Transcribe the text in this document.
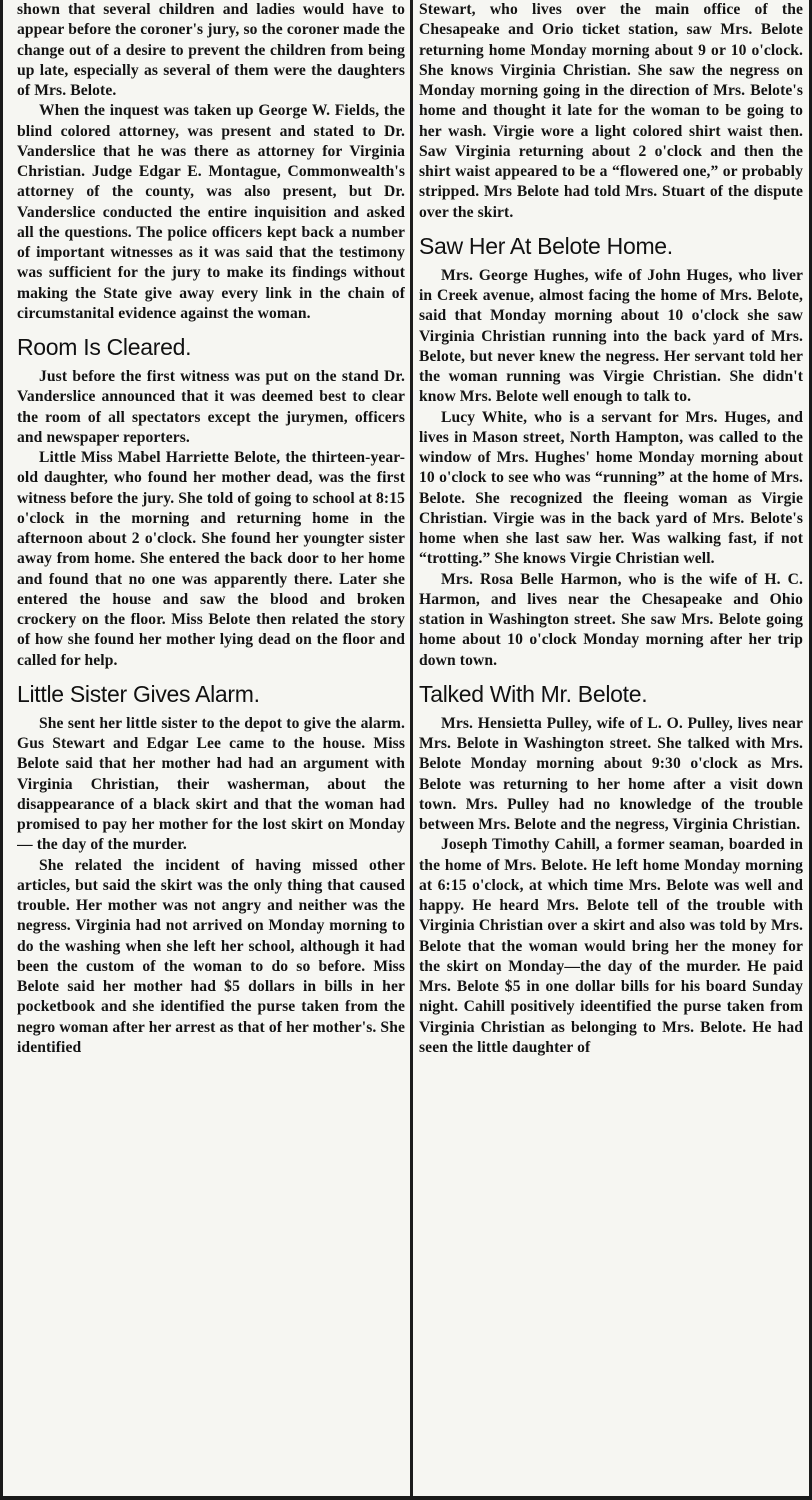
shown that several children and ladies would have to appear before the coroner's jury, so the coroner made the change out of a desire to prevent the children from being up late, especially as several of them were the daughters of Mrs. Belote.

When the inquest was taken up George W. Fields, the blind colored attorney, was present and stated to Dr. Vanderslice that he was there as attorney for Virginia Christian. Judge Edgar E. Montague, Commonwealth's attorney of the county, was also present, but Dr. Vanderslice conducted the entire inquisition and asked all the questions. The police officers kept back a number of important witnesses as it was said that the testimony was sufficient for the jury to make its findings without making the State give away every link in the chain of circumstanital evidence against the woman.

Room Is Cleared.

Just before the first witness was put on the stand Dr. Vanderslice announced that it was deemed best to clear the room of all spectators except the jurymen, officers and newspaper reporters.

Little Miss Mabel Harriette Belote, the thirteen-year-old daughter, who found her mother dead, was the first witness before the jury. She told of going to school at 8:15 o'clock in the morning and returning home in the afternoon about 2 o'clock. She found her youngter sister away from home. She entered the back door to her home and found that no one was apparently there. Later she entered the house and saw the blood and broken crockery on the floor. Miss Belote then related the story of how she found her mother lying dead on the floor and called for help.

Little Sister Gives Alarm.

She sent her little sister to the depot to give the alarm. Gus Stewart and Edgar Lee came to the house. Miss Belote said that her mother had had an argument with Virginia Christian, their washerman, about the disappearance of a black skirt and that the woman had promised to pay her mother for the lost skirt on Monday— the day of the murder.

She related the incident of having missed other articles, but said the skirt was the only thing that caused trouble. Her mother was not angry and neither was the negress. Virginia had not arrived on Monday morning to do the washing when she left her school, although it had been the custom of the woman to do so before. Miss Belote said her mother had $5 dollars in bills in her pocketbook and she identified the purse taken from the negro woman after her arrest as that of her mother's. She identified

Stewart, who lives over the main office of the Chesapeake and Orio ticket station, saw Mrs. Belote returning home Monday morning about 9 or 10 o'clock. She knows Virginia Christian. She saw the negress on Monday morning going in the direction of Mrs. Belote's home and thought it late for the woman to be going to her wash. Virgie wore a light colored shirt waist then. Saw Virginia returning about 2 o'clock and then the shirt waist appeared to be a “flowered one,” or probably stripped. Mrs Belote had told Mrs. Stuart of the dispute over the skirt.

Saw Her At Belote Home.

Mrs. George Hughes, wife of John Huges, who liver in Creek avenue, almost facing the home of Mrs. Belote, said that Monday morning about 10 o'clock she saw Virginia Christian running into the back yard of Mrs. Belote, but never knew the negress. Her servant told her the woman running was Virgie Christian. She didn't know Mrs. Belote well enough to talk to.

Lucy White, who is a servant for Mrs. Huges, and lives in Mason street, North Hampton, was called to the window of Mrs. Hughes' home Monday morning about 10 o'clock to see who was “running” at the home of Mrs. Belote. She recognized the fleeing woman as Virgie Christian. Virgie was in the back yard of Mrs. Belote's home when she last saw her. Was walking fast, if not “trotting.” She knows Virgie Christian well.

Mrs. Rosa Belle Harmon, who is the wife of H. C. Harmon, and lives near the Chesapeake and Ohio station in Washington street. She saw Mrs. Belote going home about 10 o'clock Monday morning after her trip down town.

Talked With Mr. Belote.

Mrs. Hensietta Pulley, wife of L. O. Pulley, lives near Mrs. Belote in Washington street. She talked with Mrs. Belote Monday morning about 9:30 o'clock as Mrs. Belote was returning to her home after a visit down town. Mrs. Pulley had no knowledge of the trouble between Mrs. Belote and the negress, Virginia Christian.

Joseph Timothy Cahill, a former seaman, boarded in the home of Mrs. Belote. He left home Monday morning at 6:15 o'clock, at which time Mrs. Belote was well and happy. He heard Mrs. Belote tell of the trouble with Virginia Christian over a skirt and also was told by Mrs. Belote that the woman would bring her the money for the skirt on Monday—the day of the murder. He paid Mrs. Belote $5 in one dollar bills for his board Sunday night. Cahill positively ideentified the purse taken from Virginia Christian as belonging to Mrs. Belote. He had seen the little daughter of
